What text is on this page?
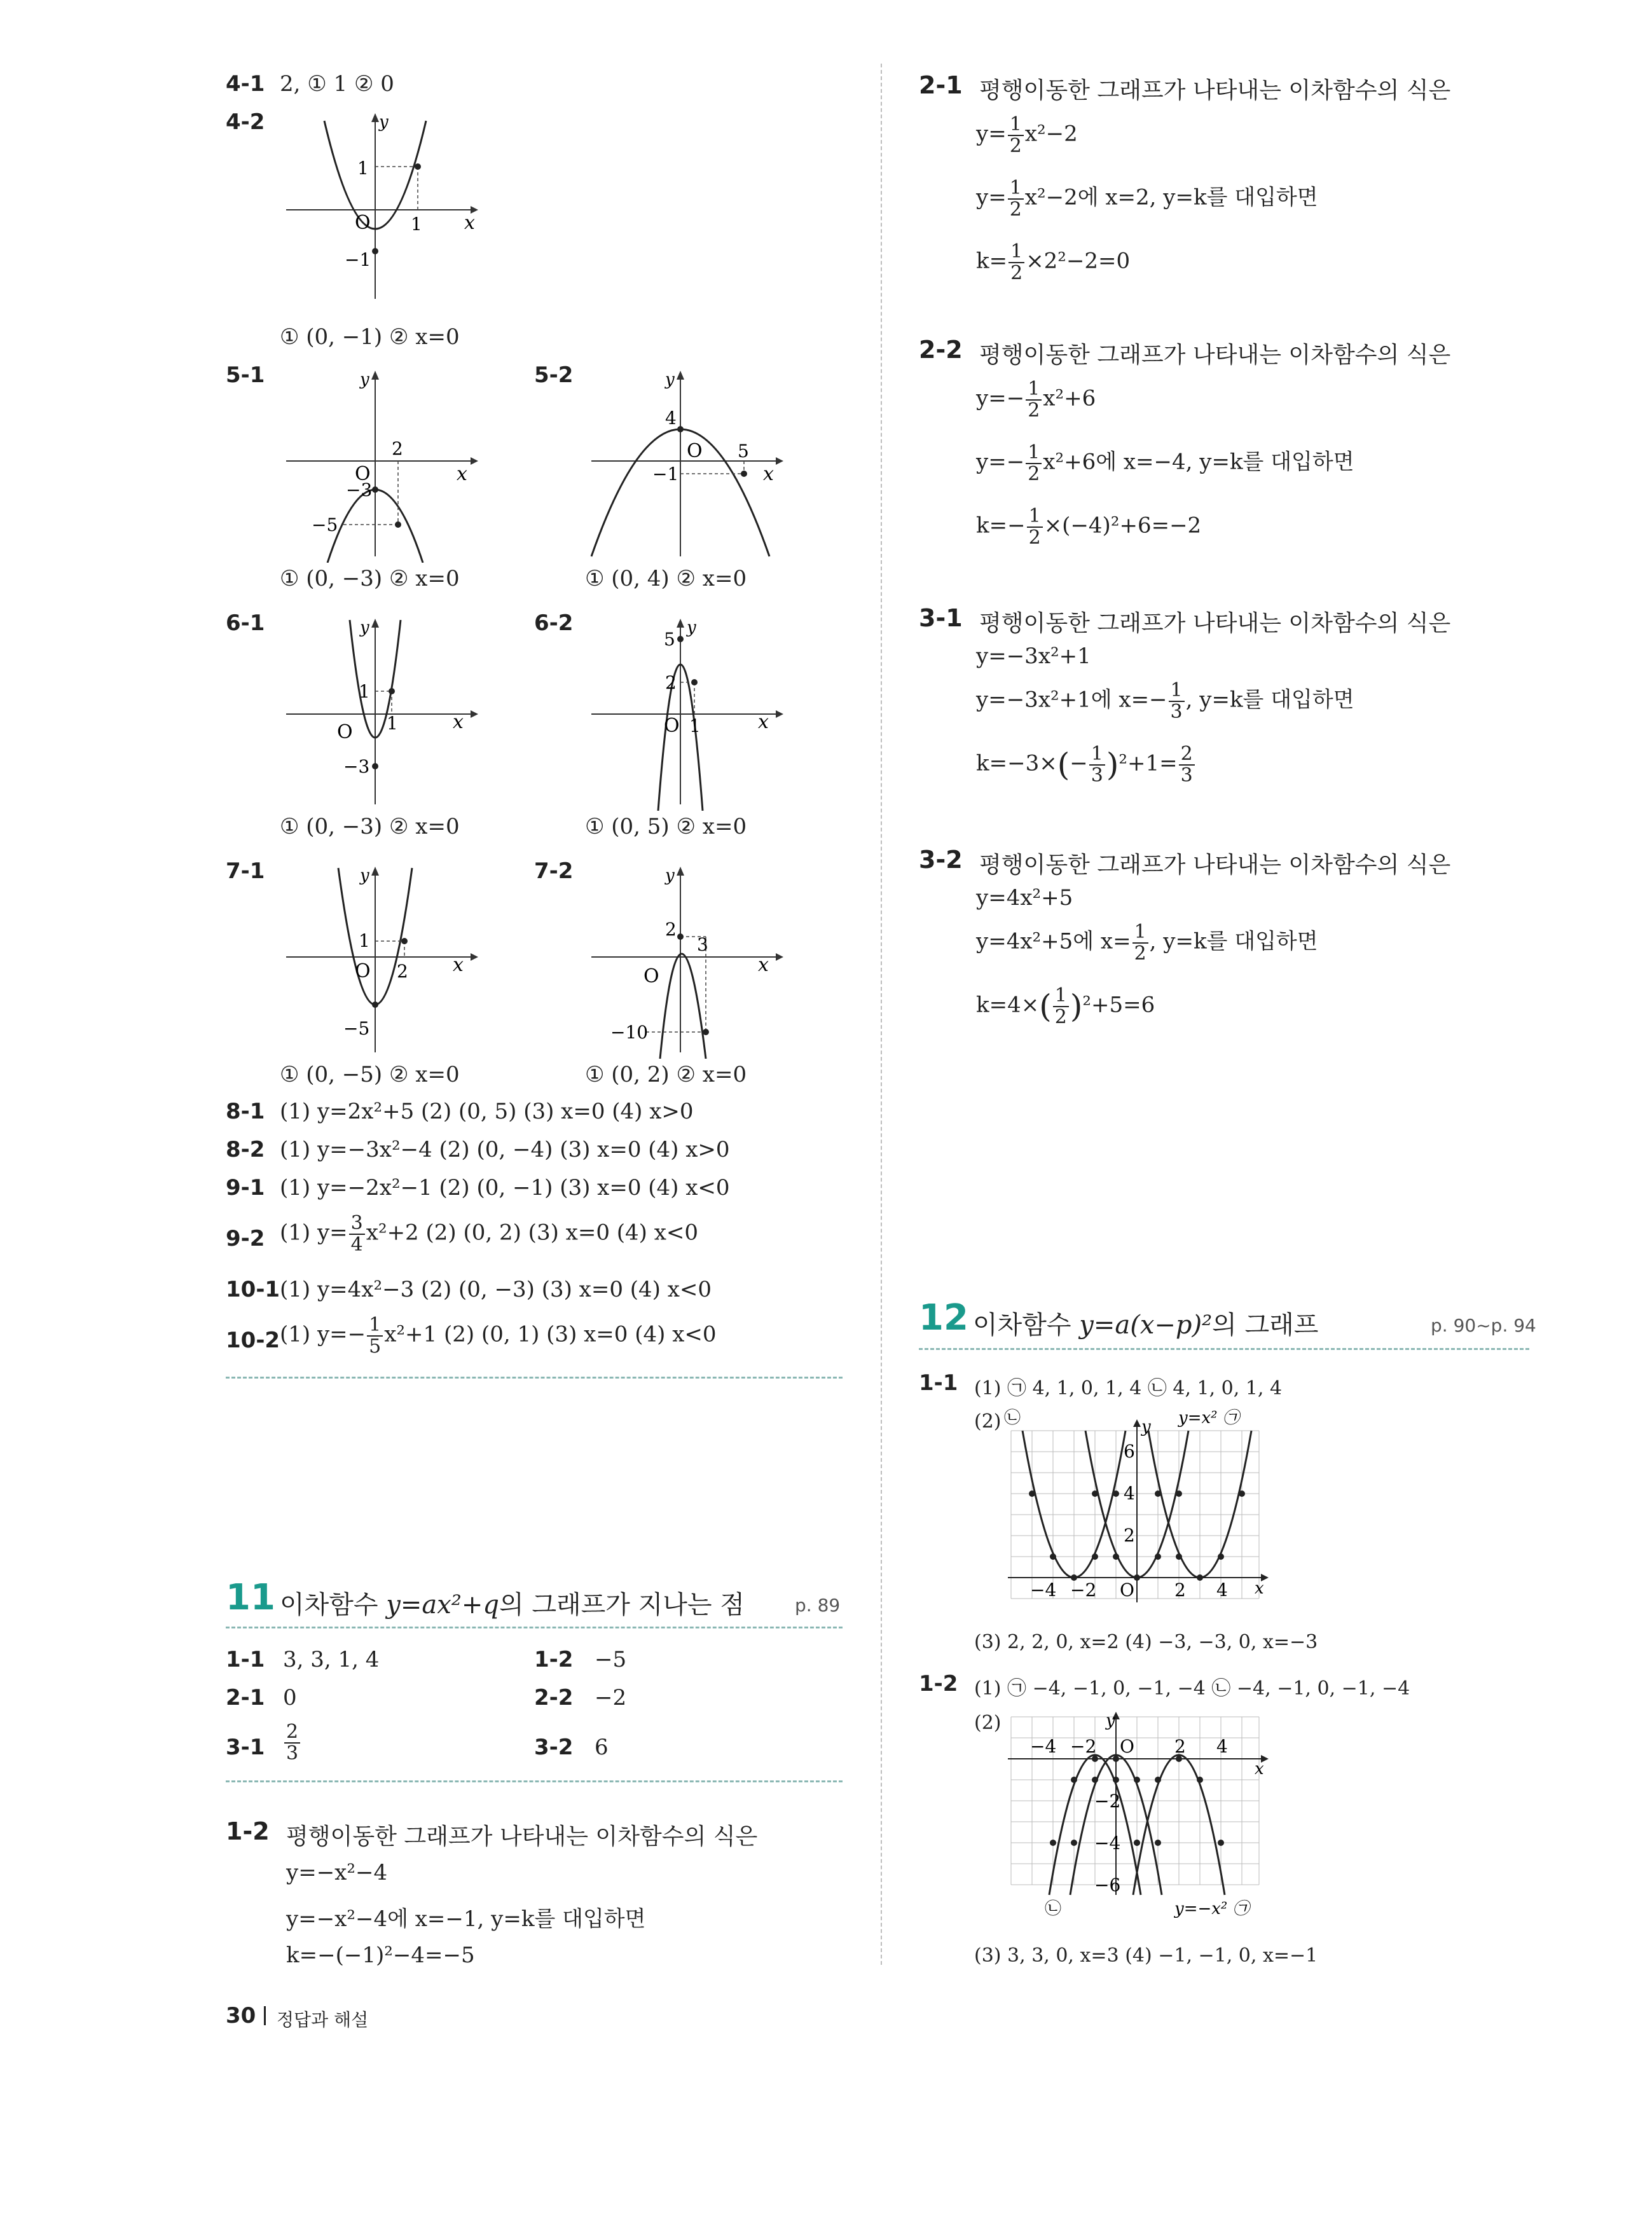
4-1 2, ① 1 ② 0
4-2	y
x
O
1
1
−1
① (0, −1) ② x=0
5-1	y
x
O
2
−3
−5
① (0, −3) ② x=0
5-2	y
x
O
4
5
−1
① (0, 4) ② x=0
6-1	y
x
O
1
1
−3
① (0, −3) ② x=0
6-2	y
x
O
5
2
1
① (0, 5) ② x=0
7-1	y
x
O
1
2
−5
① (0, −5) ② x=0
7-2	y
x
O
2
3
−10
① (0, 2) ② x=0
8-1 (1) y=2x²+5 (2) (0, 5) (3) x=0 (4) x>0
8-2 (1) y=−3x²−4 (2) (0, −4) (3) x=0 (4) x>0
9-1 (1) y=−2x²−1 (2) (0, −1) (3) x=0 (4) x<0
9-2 (1) $y= \frac{3}{4} x^2+2$ (2) (0, 2) (3) x=0 (4) x<0
10-1 (1) y=4x²−3 (2) (0, −3) (3) x=0 (4) x<0
10-2 (1) $y=- \frac{1}{5} x^2+1$ (2) (0, 1) (3) x=0 (4) x<0
11 이차함수 y=ax²+q의 그래프가 지나는 점	p. 89
1-1 3, 3, 1, 4	1-2 −5
2-1 0	2-2 −2
$3-1 \frac{2}{3}$	3-2 6
1-2 평행이동한 그래프가 나타내는 이차함수의 식은
y=−x²−4
y=−x²−4에 x=−1, y=k를 대입하면
k=−(−1)²−4=−5
30 정답과 해설
2-1 평행이동한 그래프가 나타내는 이차함수의 식은
$y= \frac{1}{2} x^2-2$
$y= \frac{1}{2} x^2-2$에 x=2, y=k를 대입하면
$k= \frac{1}{2} \times 2^2-2=0$
2-2 평행이동한 그래프가 나타내는 이차함수의 식은
$y=- \frac{1}{2} x^2+6$
$y=- \frac{1}{2} x^2+6$에 x=−4, y=k를 대입하면
$k=- \frac{1}{2} \times(-4)^2+6=-2$
3-1 평행이동한 그래프가 나타내는 이차함수의 식은
y=−3x²+1
y=−3x²+1에 $x=- \frac{1}{3}$ , y=k를 대입하면
$k=-3\times(- \frac{1}{3} )^2+1= \frac{2}{3}$
3-2 평행이동한 그래프가 나타내는 이차함수의 식은
y=4x²+5
y=4x²+5에 $x= \frac{1}{2}$ , y=k를 대입하면
$k=4\times( \frac{1}{2} )^2+5=6$
12 이차함수 y=a(x−p)²의 그래프	p. 90~p. 94
1-1 (1) ㉠ 4, 1, 0, 1, 4 ㉡ 4, 1, 0, 1, 4
(2) ㉡	y=x² ㉠
y
x
O
−4 −2	2 4
2
4
6
(3) 2, 2, 0, x=2 (4) −3, −3, 0, x=−3
1-2 (1) ㉠ −4, −1, 0, −1, −4 ㉡ −4, −1, 0, −1, −4
(2)
㉡	y=−x² ㉠
y
x
O
−4 −2	2 4
−2
−4
−6
(3) 3, 3, 0, x=3 (4) −1, −1, 0, x=−1
